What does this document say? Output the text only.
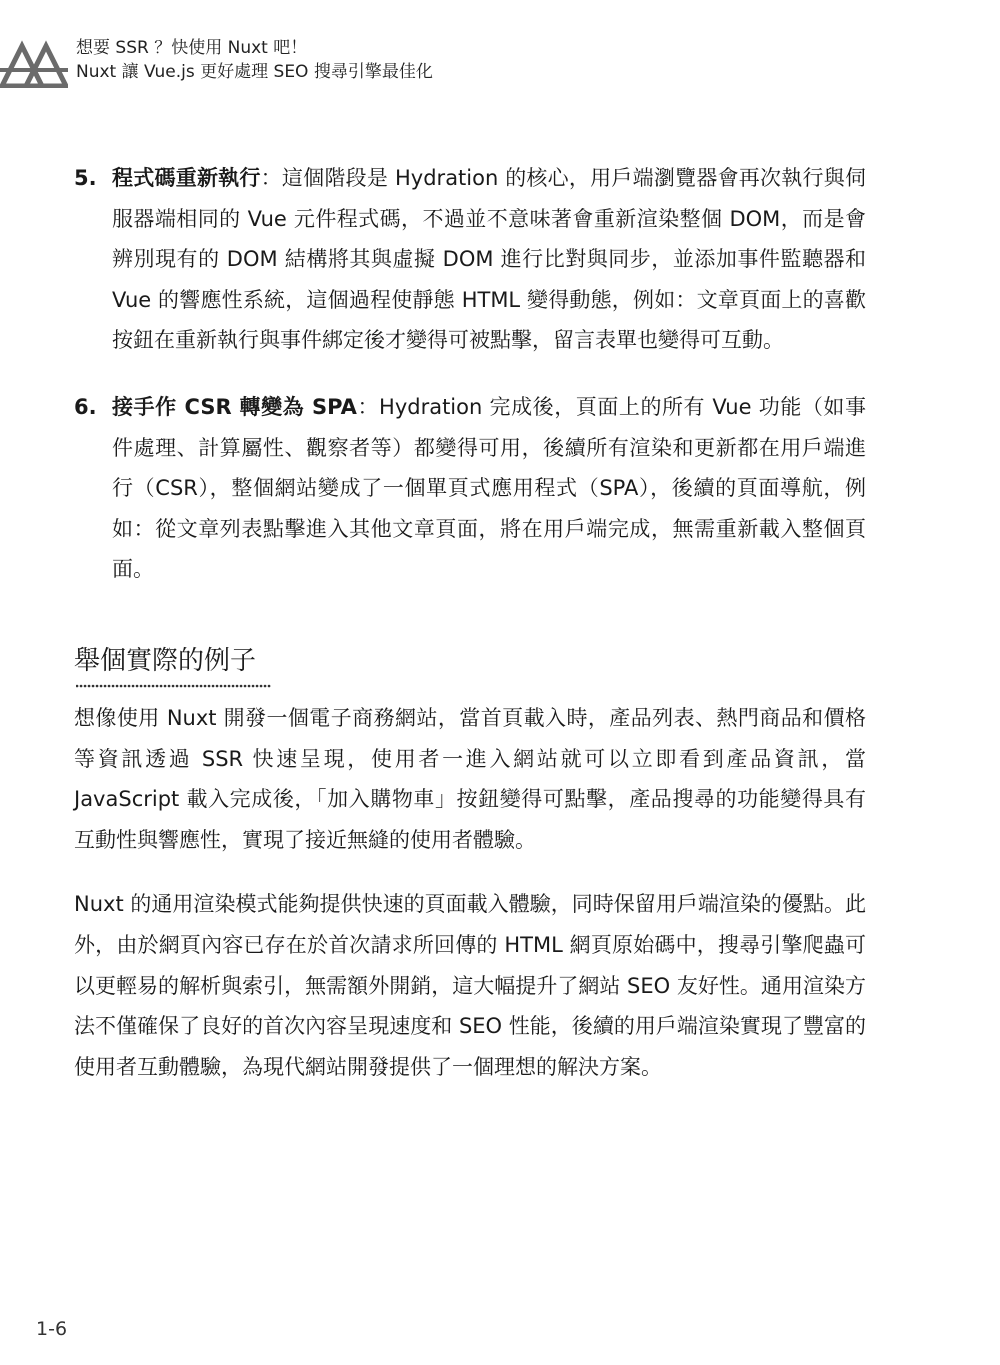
想要 SSR ？快使用 Nuxt 吧！
Nuxt 讓 Vue.js 更好處理 SEO 搜尋引擎最佳化
5. 程式碼重新執行：這個階段是 Hydration 的核心，用戶端瀏覽器會再次執行與伺服器端相同的 Vue 元件程式碼，不過並不意味著會重新渲染整個 DOM，而是會辨別現有的 DOM 結構將其與虛擬 DOM 進行比對與同步，並添加事件監聽器和 Vue 的響應性系統，這個過程使靜態 HTML 變得動態，例如：文章頁面上的喜歡按鈕在重新執行與事件綁定後才變得可被點擊，留言表單也變得可互動。
6. 接手作 CSR 轉變為 SPA：Hydration 完成後，頁面上的所有 Vue 功能（如事件處理、計算屬性、觀察者等）都變得可用，後續所有渲染和更新都在用戶端進行（CSR），整個網站變成了一個單頁式應用程式（SPA），後續的頁面導航，例如：從文章列表點擊進入其他文章頁面，將在用戶端完成，無需重新載入整個頁面。
舉個實際的例子

想像使用 Nuxt 開發一個電子商務網站，當首頁載入時，產品列表、熱門商品和價格等資訊透過 SSR 快速呈現，使用者一進入網站就可以立即看到產品資訊，當 JavaScript 載入完成後，「加入購物車」按鈕變得可點擊，產品搜尋的功能變得具有互動性與響應性，實現了接近無縫的使用者體驗。

Nuxt 的通用渲染模式能夠提供快速的頁面載入體驗，同時保留用戶端渲染的優點。此外，由於網頁內容已存在於首次請求所回傳的 HTML 網頁原始碼中，搜尋引擎爬蟲可以更輕易的解析與索引，無需額外開銷，這大幅提升了網站 SEO 友好性。通用渲染方法不僅確保了良好的首次內容呈現速度和 SEO 性能，後續的用戶端渲染實現了豐富的使用者互動體驗，為現代網站開發提供了一個理想的解決方案。

1-6
